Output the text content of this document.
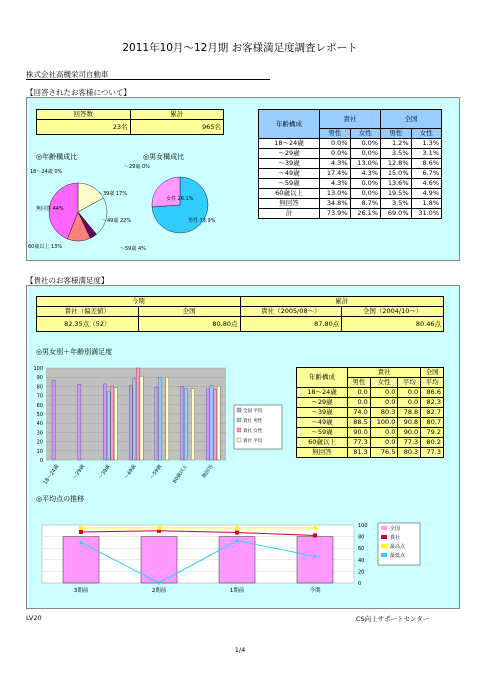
2011年10月～12月期 お客様満足度調査レポート
株式会社高槻栄司自動車
【回答されたお客様について】
回答数	累計
23名	965名
◎年齢構成比	◎男女構成比
18～24歳 0%
～29歳 0%
～39歳 17%
～49歳 22%
～59歳 4%
60歳以上 13%
無回答 44%
女性 26.1%
男性 73.9%
年齢構成	貴社		全国	
	男性	女性	男性	女性
18～24歳	0.0%	0.0%	1.2%	1.3%
～29歳	0.0%	0.0%	3.5%	3.1%
～39歳	4.3%	13.0%	12.8%	8.6%
～49歳	17.4%	4.3%	15.0%	6.7%
～59歳	4.3%	0.0%	13.6%	4.6%
60歳以上	13.0%	0.0%	19.5%	4.9%
無回答	34.8%	8.7%	3.5%	1.8%
計	73.9%	26.1%	69.0%	31.0%
【貴社のお客様満足度】
今期		累計	
貴社（偏差値）	全国	貴社（2005/08～）	全国（2004/10～）
82.35点（52）	80.80点	87.80点	80.46点
◎男女別＋年齢別満足度
0
10
20
30
40
50
60
70
80
90
100
18～24歳 ～29歳 ～39歳 ～49歳 ～59歳 60歳以上 無回答
全国 平均
貴社 男性
貴社 女性
貴社 平均
年齢構成	貴社			全国
	男性	女性	平均	平均
18～24歳	0.0	0.0	0.0	86.6
～29歳	0.0	0.0	0.0	82.3
～39歳	74.0	80.3	78.8	82.7
～49歳	88.5	100.0	90.8	80.7
～59歳	90.0	0.0	90.0	79.2
60歳以上	77.3	0.0	77.3	80.2
無回答	81.3	76.5	80.3	77.3
◎平均点の推移
0
20
40
60
80
100
3期前	2期前	1期前	今期
全国
貴社
最高点
最低点
LV20	CS向上サポートセンター
1/4
